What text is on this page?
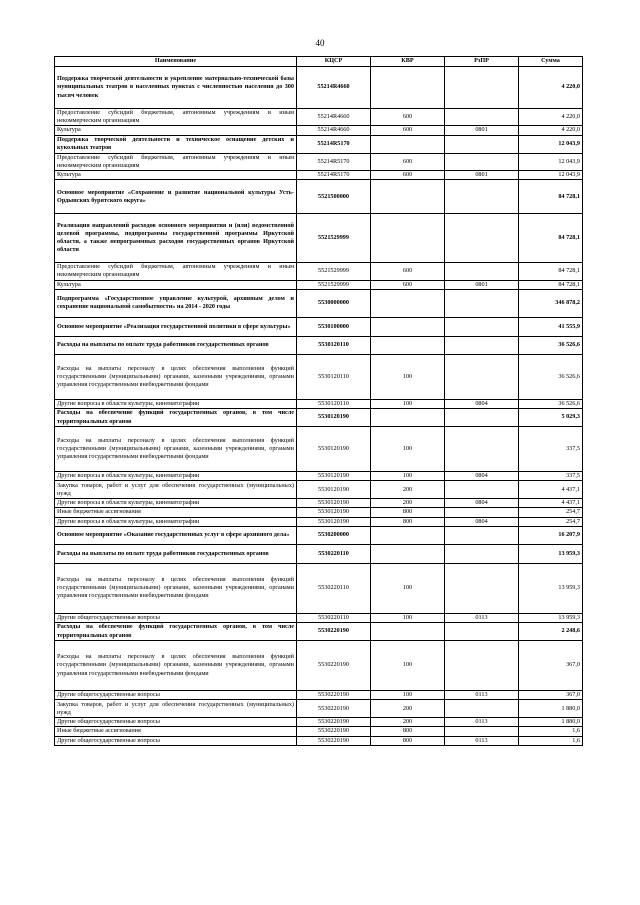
40
Наименование	КЦСР	КВР	РзПР	Сумма
Поддержка творческой деятельности и укрепление материально-технической базы муниципальных театров в населенных пунктах с численностью населения до 300 тысяч человек	55214R4660			4 220,0
Предоставление субсидий бюджетным, автономным учреждениям и иным некоммерческим организациям	55214R4660	600		4 220,0
Культура	55214R4660	600	0801	4 220,0
Поддержка творческой деятельности и техническое оснащение детских и кукольных театров	55214R5170			12 043,9
Предоставление субсидий бюджетным, автономным учреждениям и иным некоммерческим организациям	55214R5170	600		12 043,9
Культура	55214R5170	600	0801	12 043,9
Основное мероприятие «Сохранение и развитие национальной культуры Усть-Ордынских бурятского округа»	5521500000			84 728,1
Реализация направлений расходов основного мероприятия и (или) ведомственной целевой программы, подпрограммы государственной программы Иркутской области, а также непрограммных расходов государственных органов Иркутской области	5521529999			84 728,1
Предоставление субсидий бюджетным, автономным учреждениям и иным некоммерческим организациям	5521529999	600		84 728,1
Культура	5521529999	600	0801	84 728,1
Подпрограмма «Государственное управление культурой, архивным делом и сохранение национальной самобытности» на 2014 - 2020 годы	5530000000			346 878,2
Основное мероприятие «Реализация государственной политики в сфере культуры»	5530100000			41 555,9
Расходы на выплаты по оплате труда работников государственных органов	5530120110			36 526,6
Расходы на выплаты персоналу в целях обеспечения выполнения функций государственными (муниципальными) органами, казенными учреждениями, органами управления государственными внебюджетными фондами	5530120110	100		36 526,6
Другие вопросы в области культуры, кинематографии	5530120110	100	0804	36 526,6
Расходы на обеспечение функций государственных органов, в том числе территориальных органов	5530120190			5 029,3
Расходы на выплаты персоналу в целях обеспечения выполнения функций государственными (муниципальными) органами, казенными учреждениями, органами управления государственными внебюджетными фондами	5530120190	100		337,5
Другие вопросы в области культуры, кинематографии	5530120190	100	0804	337,5
Закупка товаров, работ и услуг для обеспечения государственных (муниципальных) нужд	5530120190	200		4 437,1
Другие вопросы в области культуры, кинематографии	5530120190	200	0804	4 437,1
Иные бюджетные ассигнования	5530120190	800		254,7
Другие вопросы в области культуры, кинематографии	5530120190	800	0804	254,7
Основное мероприятие «Оказание государственных услуг в сфере архивного дела»	5530200000			16 207,9
Расходы на выплаты по оплате труда работников государственных органов	5530220110			13 959,3
Расходы на выплаты персоналу в целях обеспечения выполнения функций государственными (муниципальными) органами, казенными учреждениями, органами управления государственными внебюджетными фондами	5530220110	100		13 959,3
Другие общегосударственные вопросы	5530220110	100	0113	13 959,3
Расходы на обеспечение функций государственных органов, в том числе территориальных органов	5530220190			2 248,6
Расходы на выплаты персоналу в целях обеспечения выполнения функций государственными (муниципальными) органами, казенными учреждениями, органами управления государственными внебюджетными фондами	5530220190	100		367,0
Другие общегосударственные вопросы	5530220190	100	0113	367,0
Закупка товаров, работ и услуг для обеспечения государственных (муниципальных) нужд	5530220190	200		1 880,0
Другие общегосударственные вопросы	5530220190	200	0113	1 880,0
Иные бюджетные ассигнования	5530220190	800		1,6
Другие общегосударственные вопросы	5530220190	800	0113	1,6
